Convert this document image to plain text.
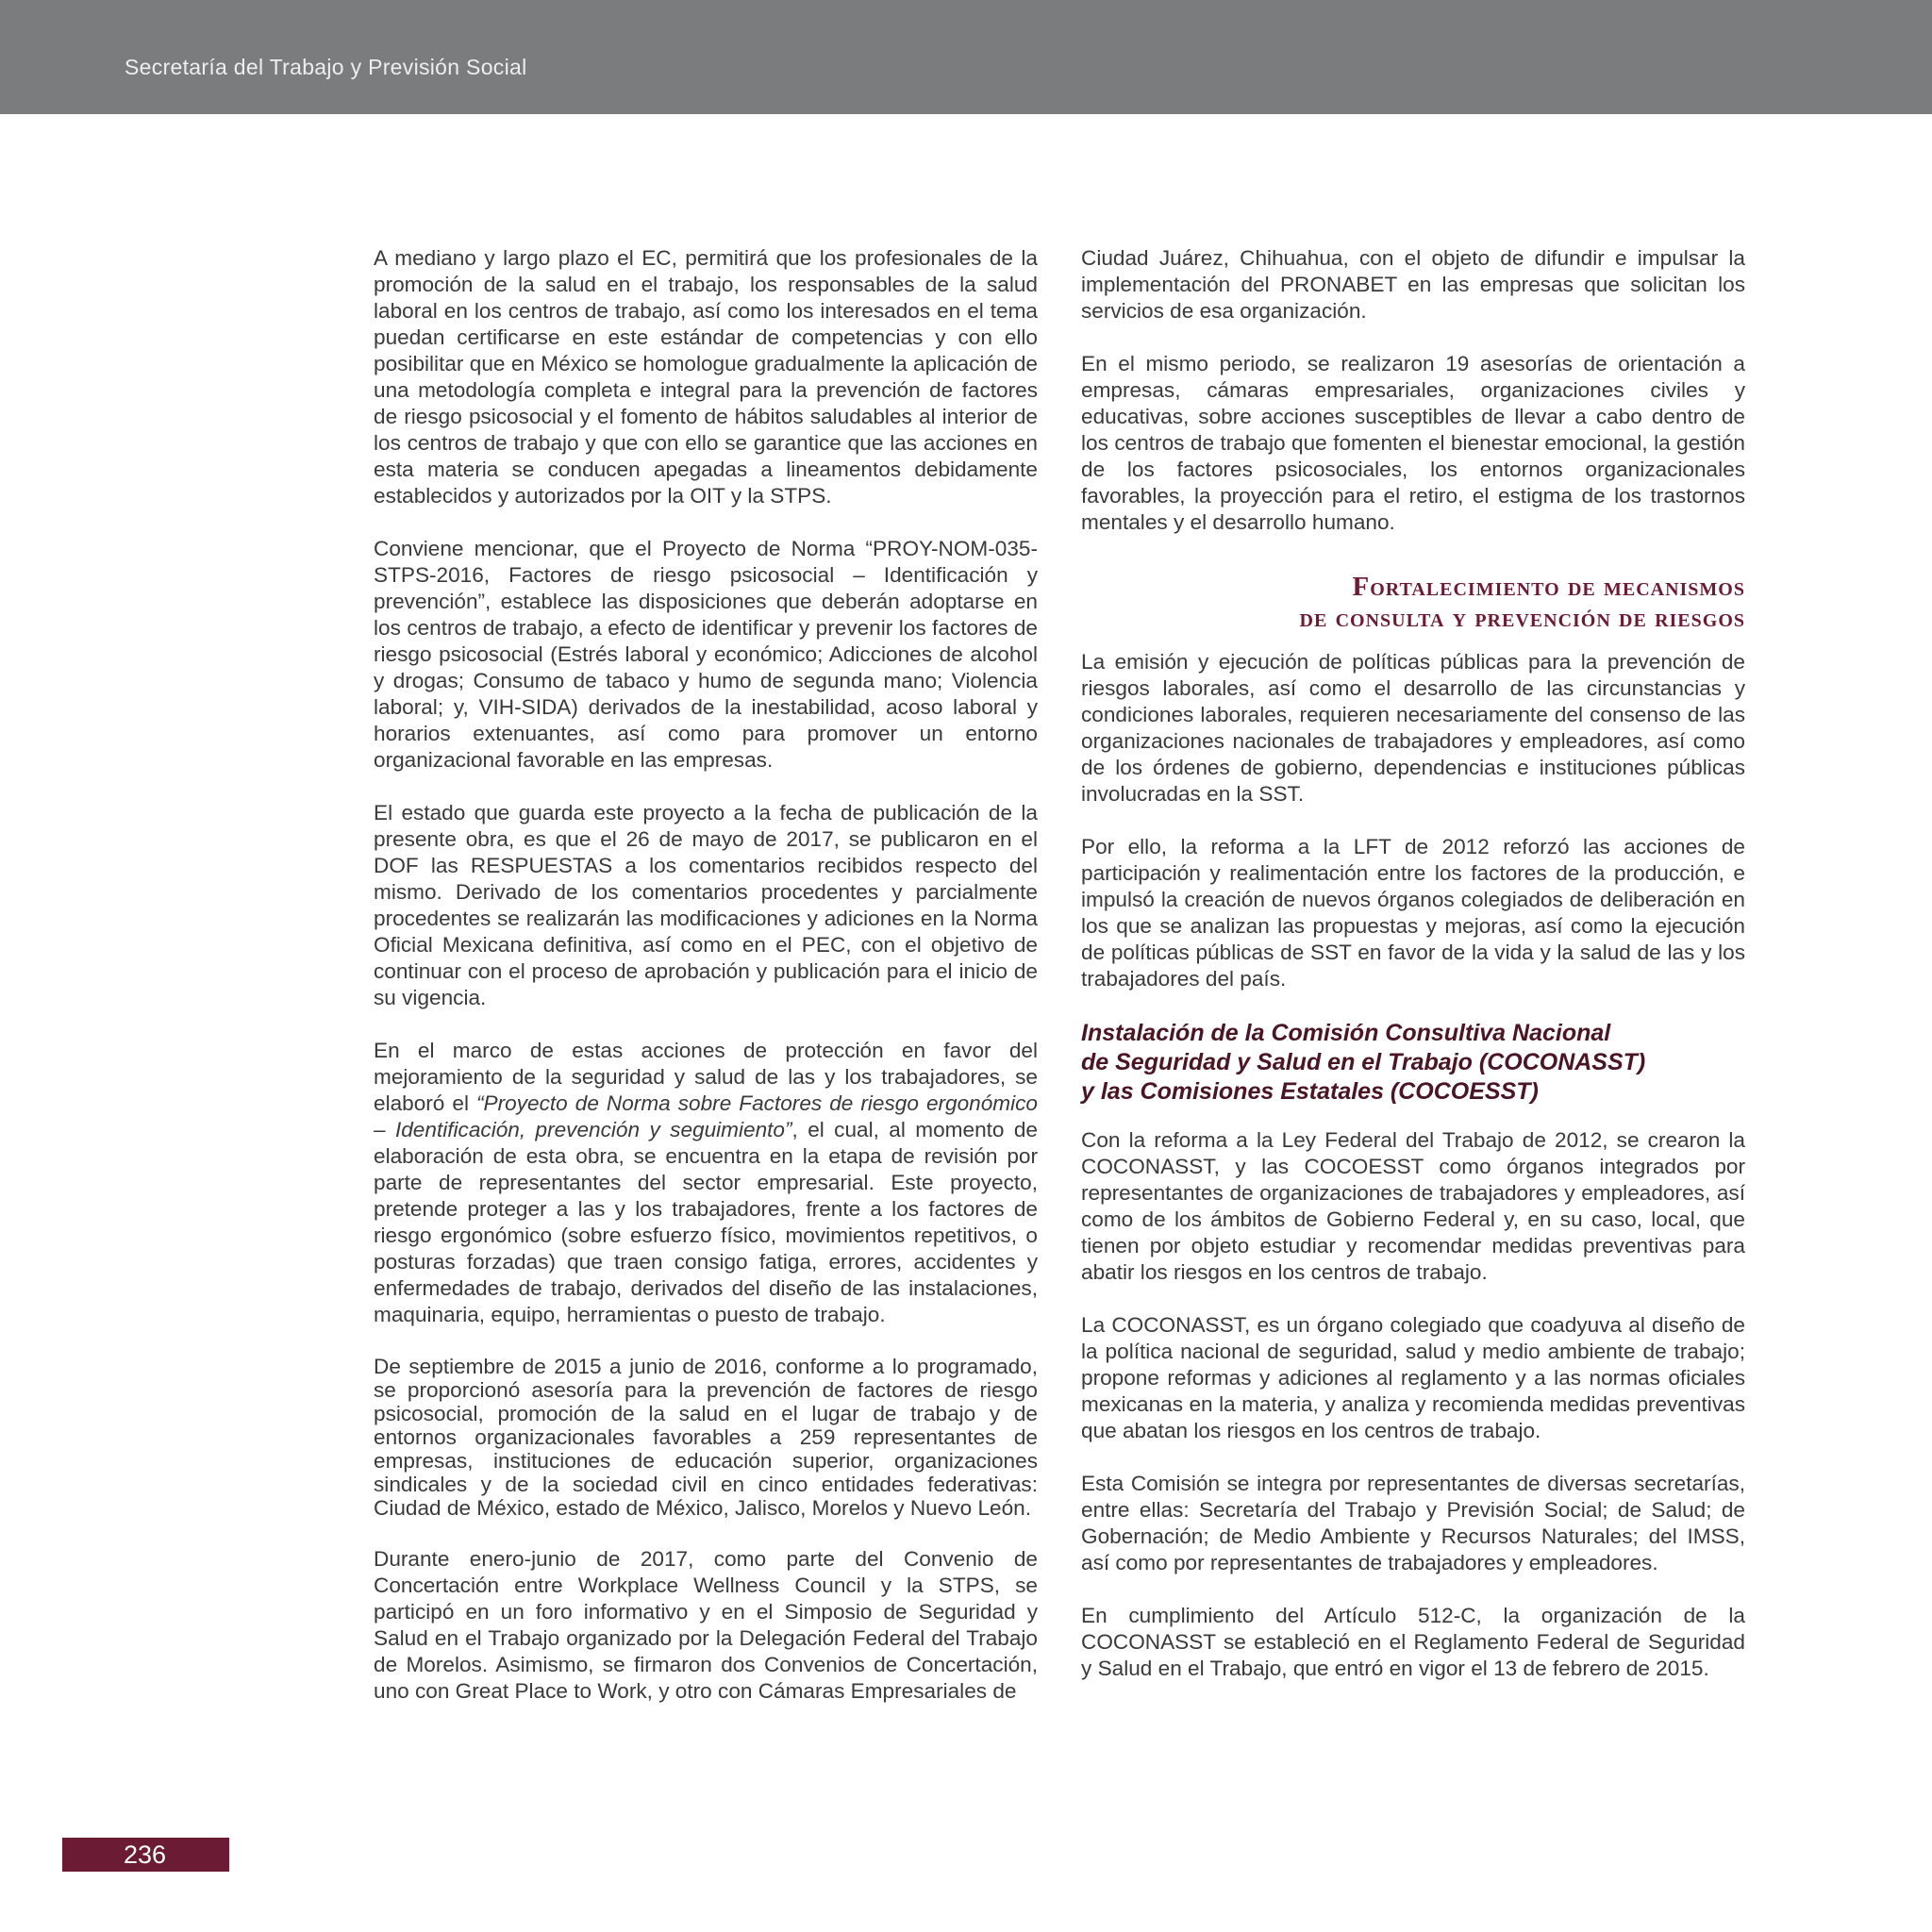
Secretaría del Trabajo y Previsión Social

A mediano y largo plazo el EC, permitirá que los profesionales de la promoción de la salud en el trabajo, los responsables de la salud laboral en los centros de trabajo, así como los interesados en el tema puedan certificarse en este estándar de competencias y con ello posibilitar que en México se homologue gradualmente la aplicación de una metodología completa e integral para la prevención de factores de riesgo psicosocial y el fomento de hábitos saludables al interior de los centros de trabajo y que con ello se garantice que las acciones en esta materia se conducen apegadas a lineamentos debidamente establecidos y autorizados por la OIT y la STPS.

Conviene mencionar, que el Proyecto de Norma “PROY-NOM-035-STPS-2016, Factores de riesgo psicosocial – Identificación y prevención”, establece las disposiciones que deberán adoptarse en los centros de trabajo, a efecto de identificar y prevenir los factores de riesgo psicosocial (Estrés laboral y económico; Adicciones de alcohol y drogas; Consumo de tabaco y humo de segunda mano; Violencia laboral; y, VIH-SIDA) derivados de la inestabilidad, acoso laboral y horarios extenuantes, así como para promover un entorno organizacional favorable en las empresas.

El estado que guarda este proyecto a la fecha de publicación de la presente obra, es que el 26 de mayo de 2017, se publicaron en el DOF las RESPUESTAS a los comentarios recibidos respecto del mismo. Derivado de los comentarios procedentes y parcialmente procedentes se realizarán las modificaciones y adiciones en la Norma Oficial Mexicana definitiva, así como en el PEC, con el objetivo de continuar con el proceso de aprobación y publicación para el inicio de su vigencia.

En el marco de estas acciones de protección en favor del mejoramiento de la seguridad y salud de las y los trabajadores, se elaboró el “Proyecto de Norma sobre Factores de riesgo ergonómico – Identificación, prevención y seguimiento”, el cual, al momento de elaboración de esta obra, se encuentra en la etapa de revisión por parte de representantes del sector empresarial. Este proyecto, pretende proteger a las y los trabajadores, frente a los factores de riesgo ergonómico (sobre esfuerzo físico, movimientos repetitivos, o posturas forzadas) que traen consigo fatiga, errores, accidentes y enfermedades de trabajo, derivados del diseño de las instalaciones, maquinaria, equipo, herramientas o puesto de trabajo.

De septiembre de 2015 a junio de 2016, conforme a lo programado, se proporcionó asesoría para la prevención de factores de riesgo psicosocial, promoción de la salud en el lugar de trabajo y de entornos organizacionales favorables a 259 representantes de empresas, instituciones de educación superior, organizaciones sindicales y de la sociedad civil en cinco entidades federativas: Ciudad de México, estado de México, Jalisco, Morelos y Nuevo León.

Durante enero-junio de 2017, como parte del Convenio de Concertación entre Workplace Wellness Council y la STPS, se participó en un foro informativo y en el Simposio de Seguridad y Salud en el Trabajo organizado por la Delegación Federal del Trabajo de Morelos. Asimismo, se firmaron dos Convenios de Concertación, uno con Great Place to Work, y otro con Cámaras Empresariales de

Ciudad Juárez, Chihuahua, con el objeto de difundir e impulsar la implementación del PRONABET en las empresas que solicitan los servicios de esa organización.

En el mismo periodo, se realizaron 19 asesorías de orientación a empresas, cámaras empresariales, organizaciones civiles y educativas, sobre acciones susceptibles de llevar a cabo dentro de los centros de trabajo que fomenten el bienestar emocional, la gestión de los factores psicosociales, los entornos organizacionales favorables, la proyección para el retiro, el estigma de los trastornos mentales y el desarrollo humano.

Fortalecimiento de mecanismos
de consulta y prevención de riesgos

La emisión y ejecución de políticas públicas para la prevención de riesgos laborales, así como el desarrollo de las circunstancias y condiciones laborales, requieren necesariamente del consenso de las organizaciones nacionales de trabajadores y empleadores, así como de los órdenes de gobierno, dependencias e instituciones públicas involucradas en la SST.

Por ello, la reforma a la LFT de 2012 reforzó las acciones de participación y realimentación entre los factores de la producción, e impulsó la creación de nuevos órganos colegiados de deliberación en los que se analizan las propuestas y mejoras, así como la ejecución de políticas públicas de SST en favor de la vida y la salud de las y los trabajadores del país.

Instalación de la Comisión Consultiva Nacional
de Seguridad y Salud en el Trabajo (COCONASST)
y las Comisiones Estatales (COCOESST)

Con la reforma a la Ley Federal del Trabajo de 2012, se crearon la COCONASST, y las COCOESST como órganos integrados por representantes de organizaciones de trabajadores y empleadores, así como de los ámbitos de Gobierno Federal y, en su caso, local, que tienen por objeto estudiar y recomendar medidas preventivas para abatir los riesgos en los centros de trabajo.

La COCONASST, es un órgano colegiado que coadyuva al diseño de la política nacional de seguridad, salud y medio ambiente de trabajo; propone reformas y adiciones al reglamento y a las normas oficiales mexicanas en la materia, y analiza y recomienda medidas preventivas que abatan los riesgos en los centros de trabajo.

Esta Comisión se integra por representantes de diversas secretarías, entre ellas: Secretaría del Trabajo y Previsión Social; de Salud; de Gobernación; de Medio Ambiente y Recursos Naturales; del IMSS, así como por representantes de trabajadores y empleadores.

En cumplimiento del Artículo 512-C, la organización de la COCONASST se estableció en el Reglamento Federal de Seguridad y Salud en el Trabajo, que entró en vigor el 13 de febrero de 2015.

236
